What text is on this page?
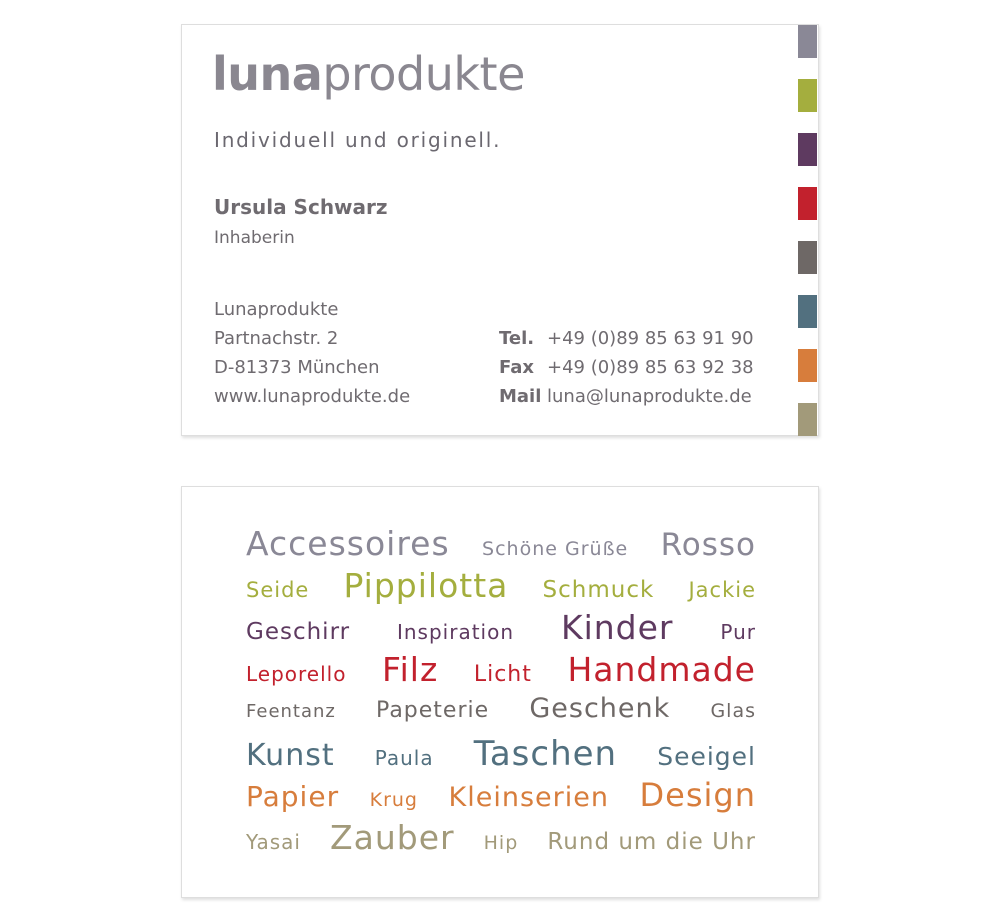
lunaprodukte
Individuell und originell.
Ursula Schwarz
Inhaberin
Lunaprodukte
Partnachstr. 2
D-81373 München
www.lunaprodukte.de
Tel. +49 (0)89 85 63 91 90
Fax +49 (0)89 85 63 92 38
Mail luna@lunaprodukte.de
Accessoires Schöne Grüße Rosso
Seide Pippilotta Schmuck Jackie
Geschirr Inspiration Kinder Pur
Leporello Filz Licht Handmade
Feentanz Papeterie Geschenk Glas
Kunst Paula Taschen Seeigel
Papier Krug Kleinserien Design
Yasai Zauber Hip Rund um die Uhr
